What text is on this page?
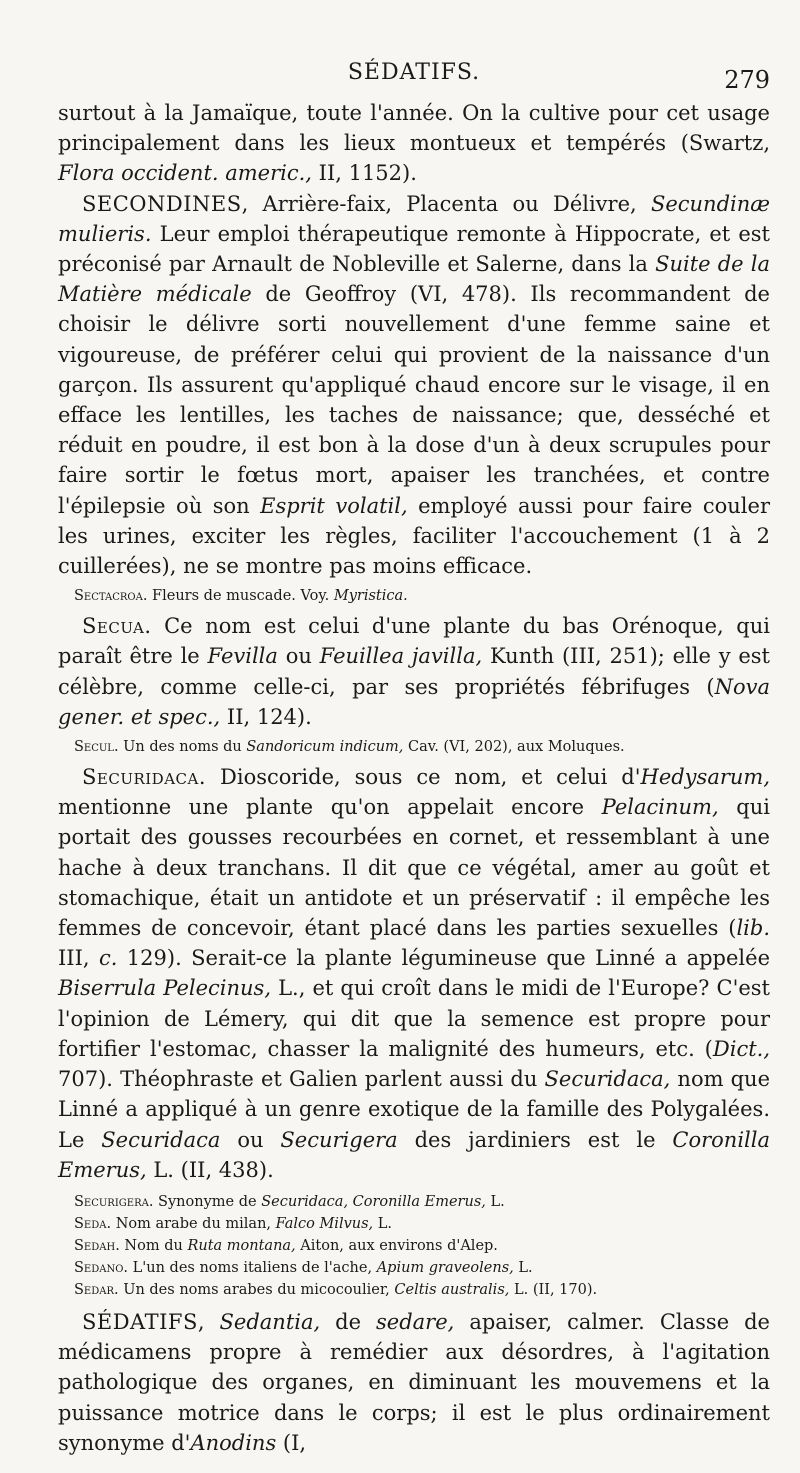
SÉDATIFS.	279

surtout à la Jamaïque, toute l'année. On la cultive pour cet usage principalement dans les lieux montueux et tempérés (Swartz, Flora occident. americ., II, 1152).

SECONDINES, Arrière-faix, Placenta ou Délivre, Secundinæ mulieris. Leur emploi thérapeutique remonte à Hippocrate, et est préconisé par Arnault de Nobleville et Salerne, dans la Suite de la Matière médicale de Geoffroy (VI, 478). Ils recommandent de choisir le délivre sorti nouvellement d'une femme saine et vigoureuse, de préférer celui qui provient de la naissance d'un garçon. Ils assurent qu'appliqué chaud encore sur le visage, il en efface les lentilles, les taches de naissance; que, desséché et réduit en poudre, il est bon à la dose d'un à deux scrupules pour faire sortir le fœtus mort, apaiser les tranchées, et contre l'épilepsie où son Esprit volatil, employé aussi pour faire couler les urines, exciter les règles, faciliter l'accouchement (1 à 2 cuillerées), ne se montre pas moins efficace.

Sectacroa. Fleurs de muscade. Voy. Myristica.

Secua. Ce nom est celui d'une plante du bas Orénoque, qui paraît être le Fevilla ou Feuillea javilla, Kunth (III, 251); elle y est célèbre, comme celle-ci, par ses propriétés fébrifuges (Nova gener. et spec., II, 124).

Secul. Un des noms du Sandoricum indicum, Cav. (VI, 202), aux Moluques.

Securidaca. Dioscoride, sous ce nom, et celui d'Hedysarum, mentionne une plante qu'on appelait encore Pelacinum, qui portait des gousses recourbées en cornet, et ressemblant à une hache à deux tranchans. Il dit que ce végétal, amer au goût et stomachique, était un antidote et un préservatif : il empêche les femmes de concevoir, étant placé dans les parties sexuelles (lib. III, c. 129). Serait-ce la plante légumineuse que Linné a appelée Biserrula Pelecinus, L., et qui croît dans le midi de l'Europe? C'est l'opinion de Lémery, qui dit que la semence est propre pour fortifier l'estomac, chasser la malignité des humeurs, etc. (Dict., 707). Théophraste et Galien parlent aussi du Securidaca, nom que Linné a appliqué à un genre exotique de la famille des Polygalées. Le Securidaca ou Securigera des jardiniers est le Coronilla Emerus, L. (II, 438).

Securigera. Synonyme de Securidaca, Coronilla Emerus, L.

Seda. Nom arabe du milan, Falco Milvus, L.

Sedah. Nom du Ruta montana, Aiton, aux environs d'Alep.

Sedano. L'un des noms italiens de l'ache, Apium graveolens, L.

Sedar. Un des noms arabes du micocoulier, Celtis australis, L. (II, 170).

SÉDATIFS, Sedantia, de sedare, apaiser, calmer. Classe de médicamens propre à remédier aux désordres, à l'agitation pathologique des organes, en diminuant les mouvemens et la puissance motrice dans le corps; il est le plus ordinairement synonyme d'Anodins (I,
